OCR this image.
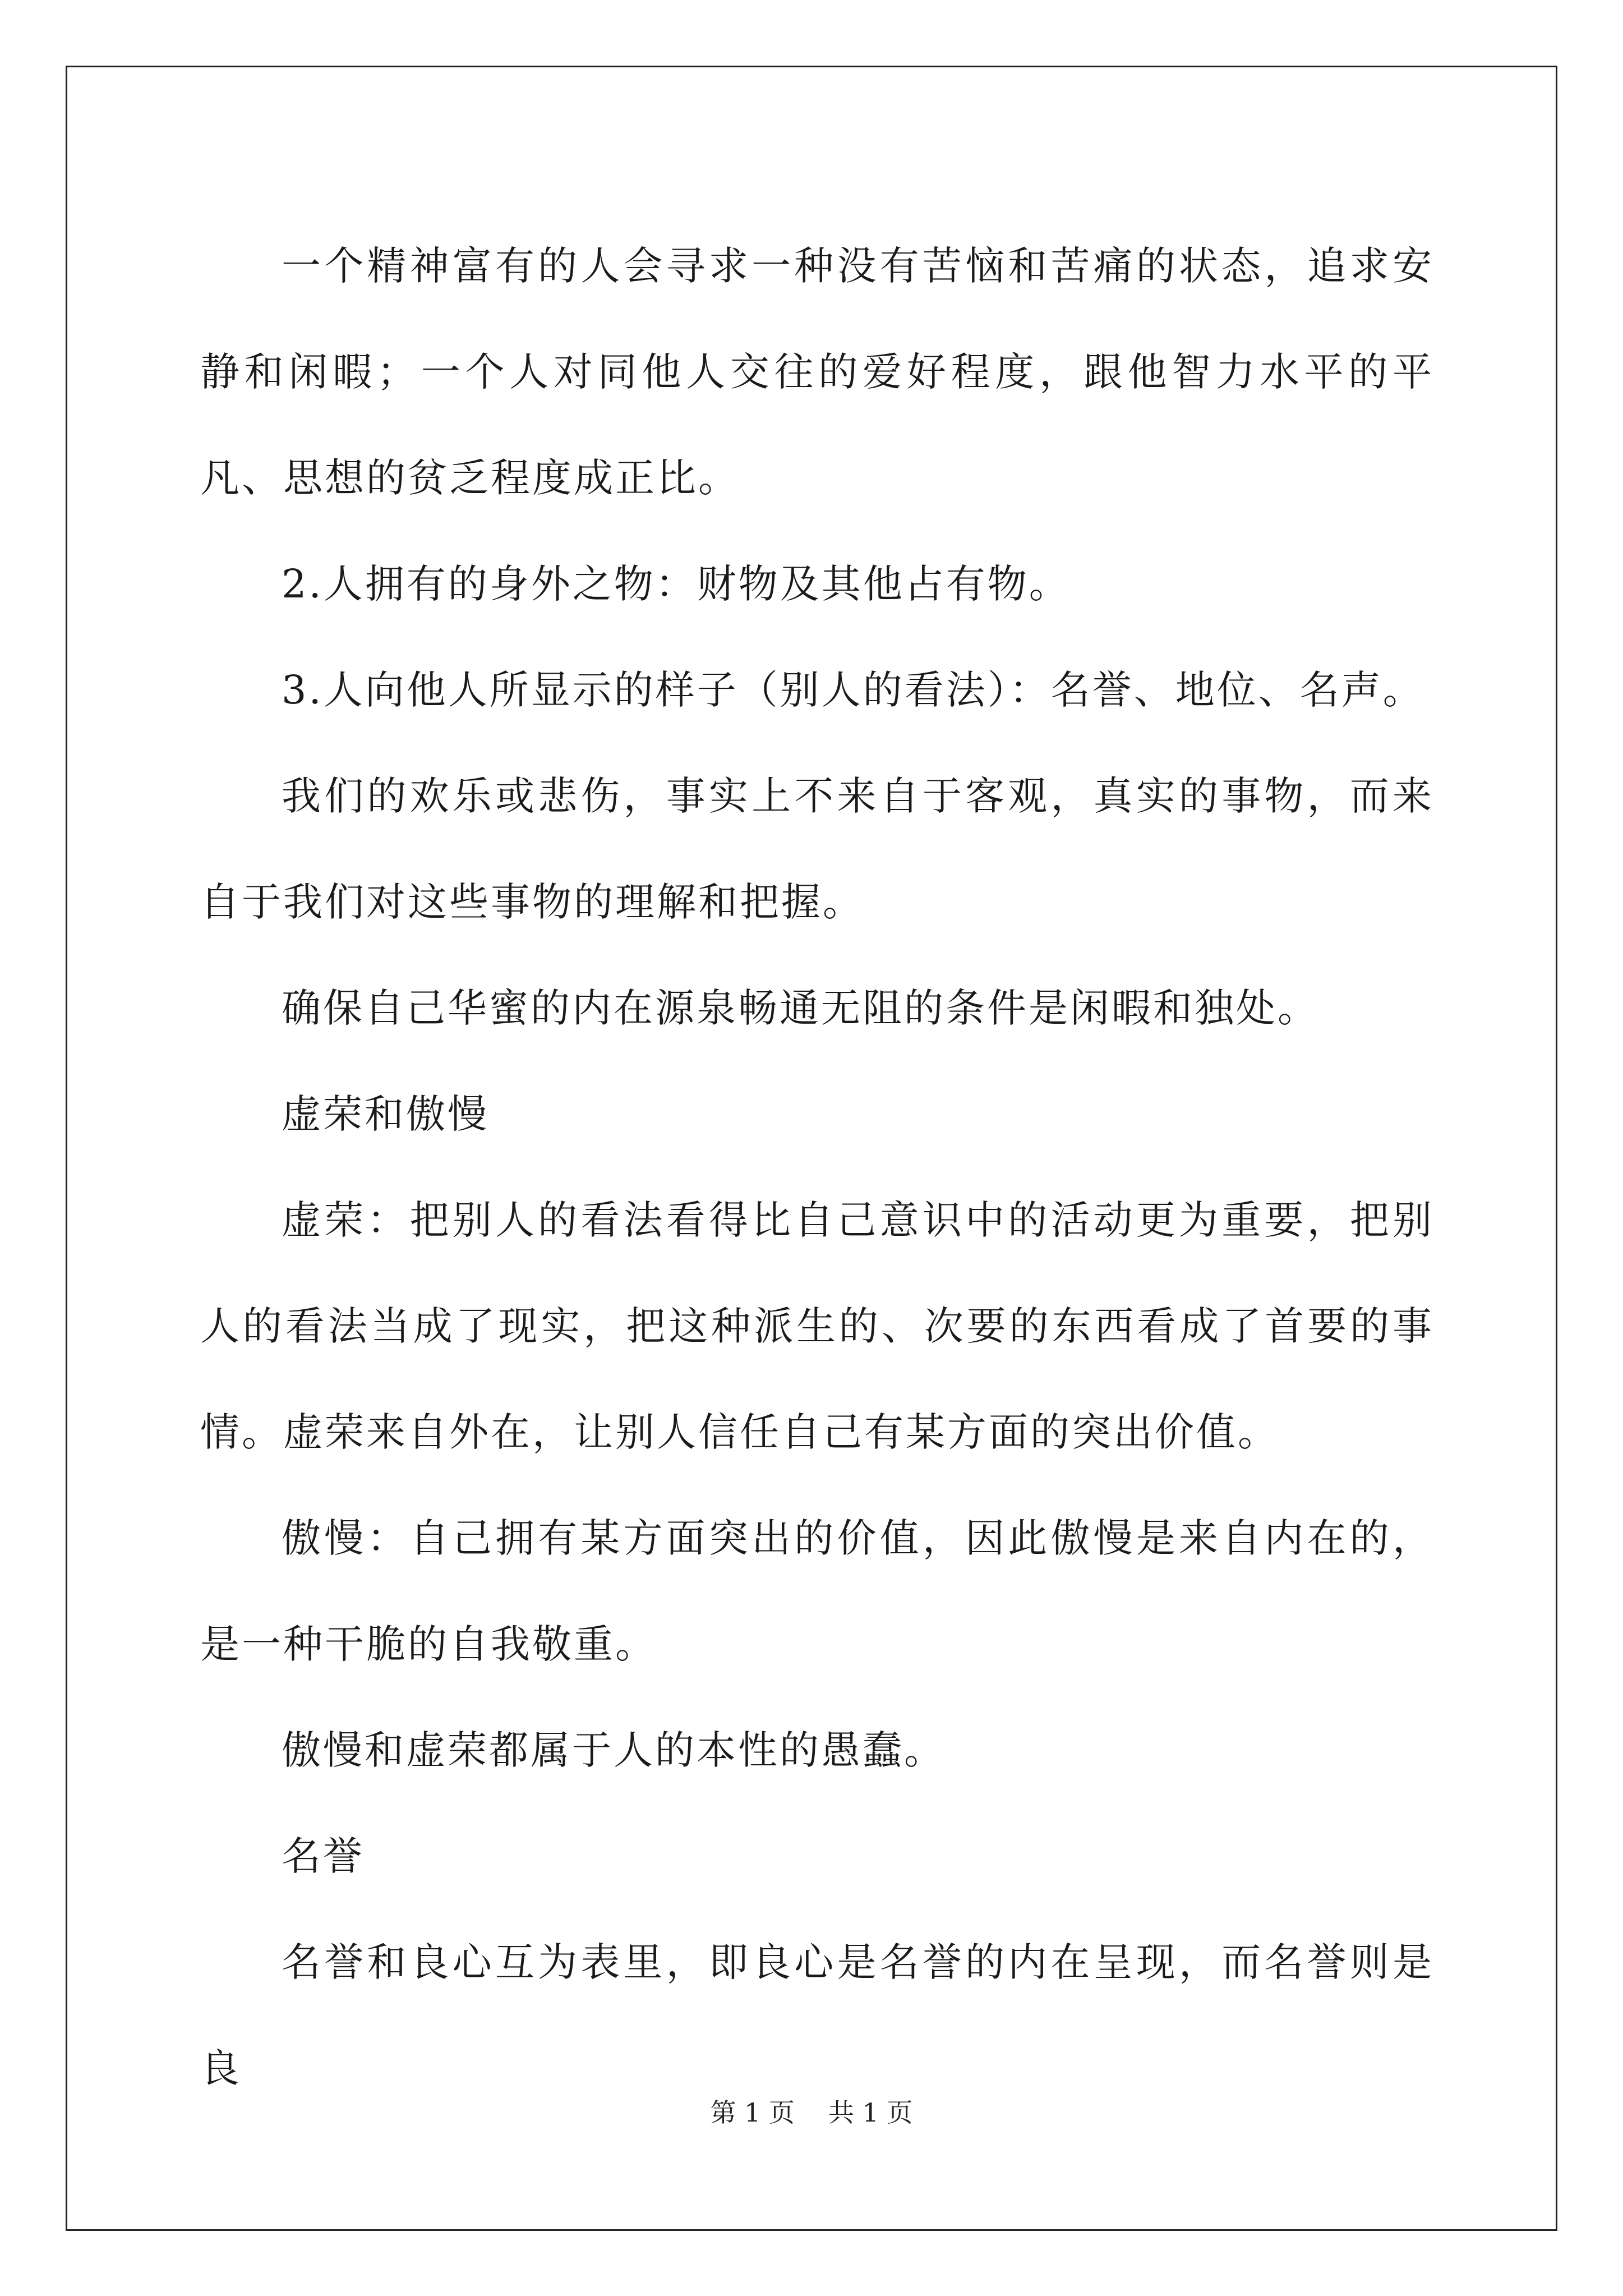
一个精神富有的人会寻求一种没有苦恼和苦痛的状态，追求安静和闲暇；一个人对同他人交往的爱好程度，跟他智力水平的平凡、思想的贫乏程度成正比。

2.人拥有的身外之物：财物及其他占有物。

3.人向他人所显示的样子（别人的看法）：名誉、地位、名声。

我们的欢乐或悲伤，事实上不来自于客观，真实的事物，而来自于我们对这些事物的理解和把握。

确保自己华蜜的内在源泉畅通无阻的条件是闲暇和独处。

虚荣和傲慢

虚荣：把别人的看法看得比自己意识中的活动更为重要，把别人的看法当成了现实，把这种派生的、次要的东西看成了首要的事情。虚荣来自外在，让别人信任自己有某方面的突出价值。

傲慢：自己拥有某方面突出的价值，因此傲慢是来自内在的，是一种干脆的自我敬重。

傲慢和虚荣都属于人的本性的愚蠢。

名誉

名誉和良心互为表里，即良心是名誉的内在呈现，而名誉则是良

第 1 页 共 1 页
